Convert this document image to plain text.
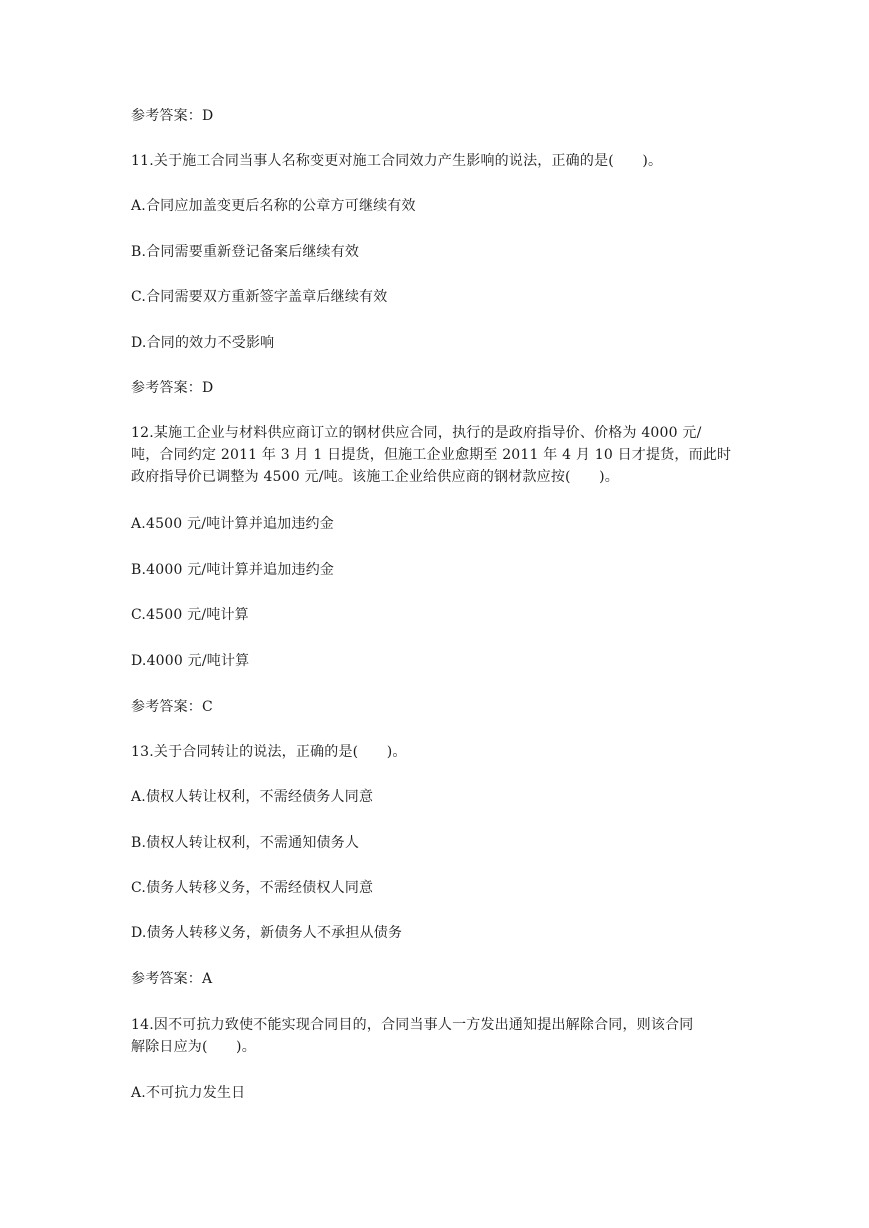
参考答案：D
11.关于施工合同当事人名称变更对施工合同效力产生影响的说法，正确的是(　　)。
A.合同应加盖变更后名称的公章方可继续有效
B.合同需要重新登记备案后继续有效
C.合同需要双方重新签字盖章后继续有效
D.合同的效力不受影响
参考答案：D
12.某施工企业与材料供应商订立的钢材供应合同，执行的是政府指导价、价格为 4000 元/
吨，合同约定 2011 年 3 月 1 日提货，但施工企业愈期至 2011 年 4 月 10 日才提货，而此时
政府指导价已调整为 4500 元/吨。该施工企业给供应商的钢材款应按(　　)。
A.4500 元/吨计算并追加违约金
B.4000 元/吨计算并追加违约金
C.4500 元/吨计算
D.4000 元/吨计算
参考答案：C
13.关于合同转让的说法，正确的是(　　)。
A.债权人转让权利，不需经债务人同意
B.债权人转让权利，不需通知债务人
C.债务人转移义务，不需经债权人同意
D.债务人转移义务，新债务人不承担从债务
参考答案：A
14.因不可抗力致使不能实现合同目的，合同当事人一方发出通知提出解除合同，则该合同
解除日应为(　　)。
A.不可抗力发生日
